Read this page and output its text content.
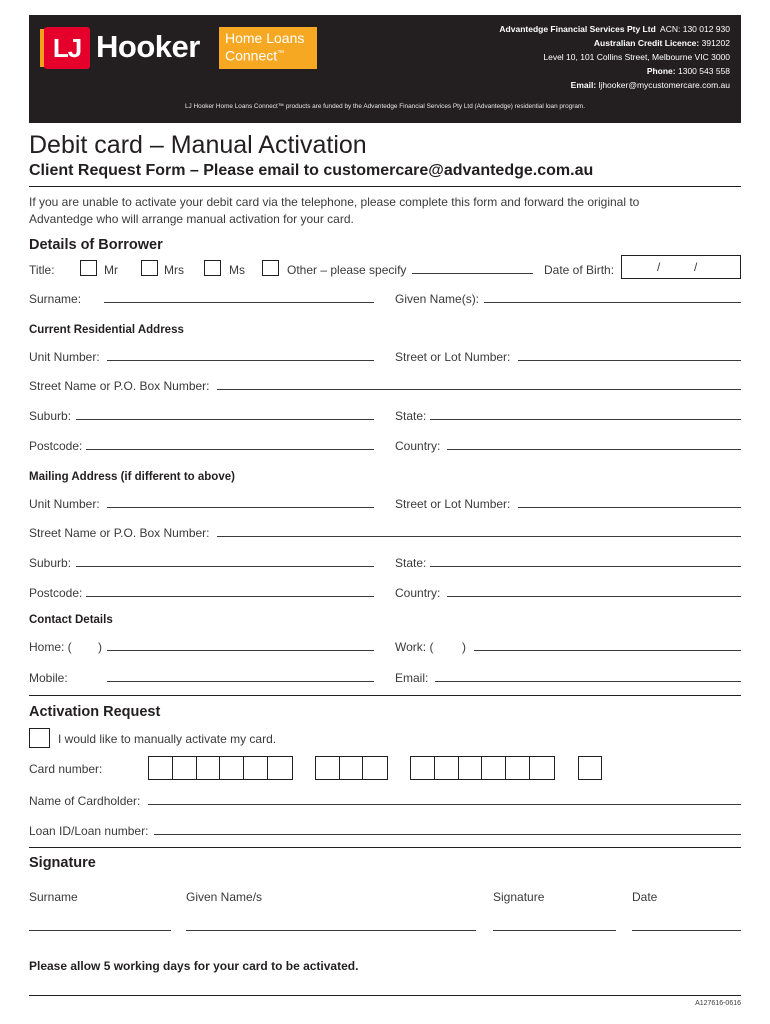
LJ Hooker	Home Loans
Connect™
Advantedge Financial Services Pty Ltd ACN: 130 012 930
Australian Credit Licence: 391202
Level 10, 101 Collins Street, Melbourne VIC 3000
Phone: 1300 543 558
Email: ljhooker@mycustomercare.com.au
LJ Hooker Home Loans Connect™ products are funded by the Advantedge Financial Services Pty Ltd (Advantedge) residential loan program.
Debit card – Manual Activation
Client Request Form – Please email to customercare@advantedge.com.au
If you are unable to activate your debit card via the telephone, please complete this form and forward the original to
Advantedge who will arrange manual activation for your card.
Details of Borrower
Title:	Mr	Mrs	Ms	Other – please specify	Date of Birth:	/	/
Surname:	Given Name(s):
Current Residential Address
Unit Number:	Street or Lot Number:
Street Name or P.O. Box Number:
Suburb:	State:
Postcode:	Country:
Mailing Address (if different to above)
Unit Number:	Street or Lot Number:
Street Name or P.O. Box Number:
Suburb:	State:
Postcode:	Country:
Contact Details
Home: ( )	Work: ( )
Mobile:	Email:
Activation Request
I would like to manually activate my card.
Card number:
Name of Cardholder:
Loan ID/Loan number:
Signature
Surname	Given Name/s	Signature	Date
Please allow 5 working days for your card to be activated.
A127616-0616
